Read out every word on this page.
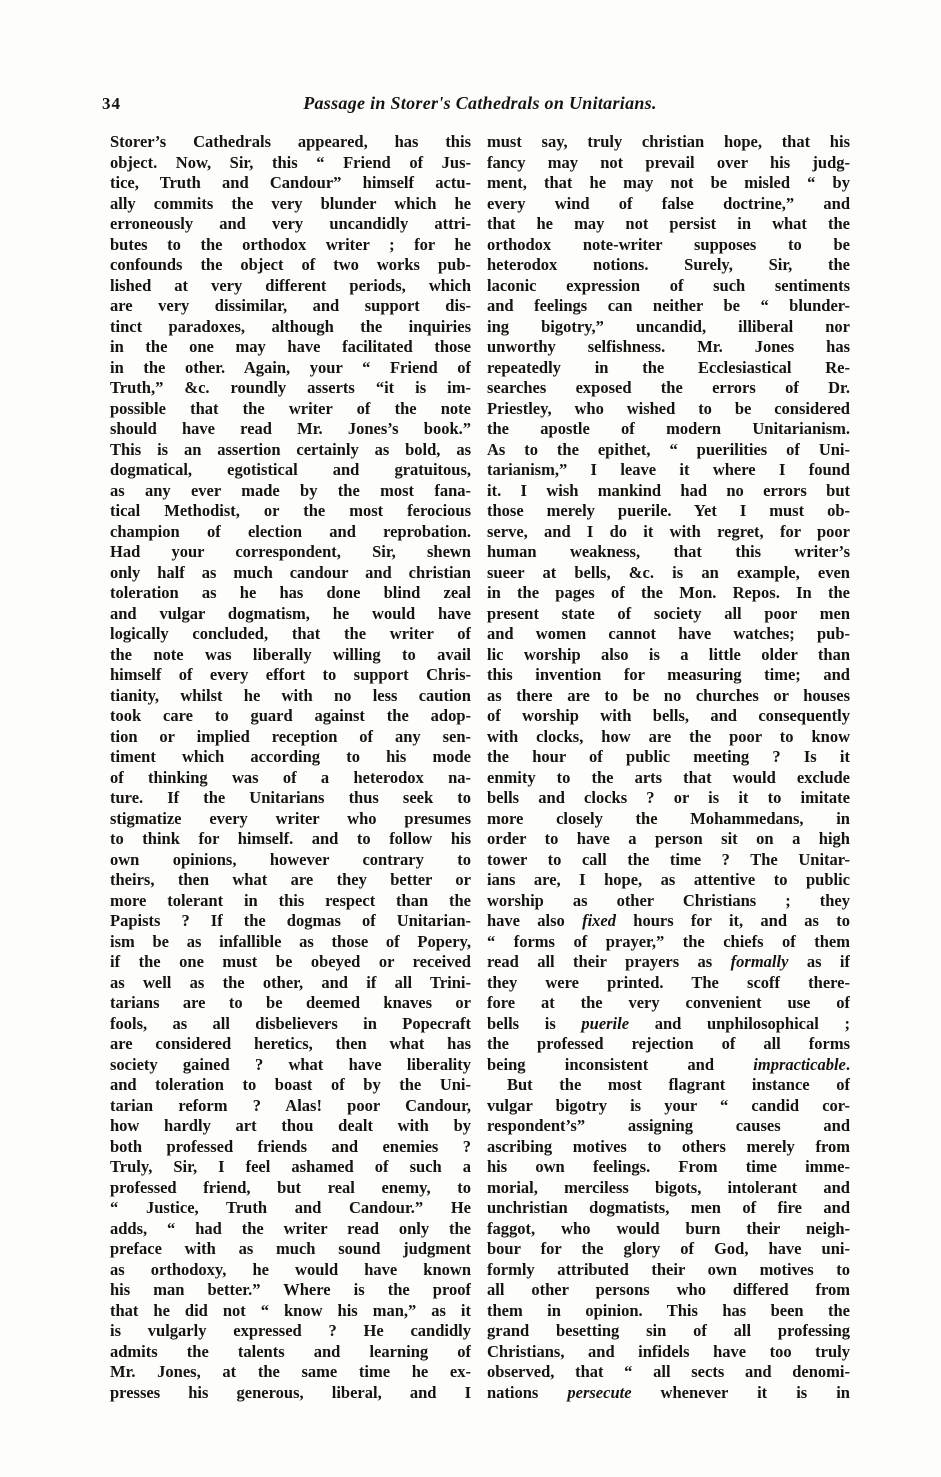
34	Passage in Storer's Cathedrals on Unitarians.
Storer’s Cathedrals appeared, has this
object. Now, Sir, this “ Friend of Jus-
tice, Truth and Candour” himself actu-
ally commits the very blunder which he
erroneously and very uncandidly attri-
butes to the orthodox writer ; for he
confounds the object of two works pub-
lished at very different periods, which
are very dissimilar, and support dis-
tinct paradoxes, although the inquiries
in the one may have facilitated those
in the other. Again, your “ Friend of
Truth,” &c. roundly asserts “it is im-
possible that the writer of the note
should have read Mr. Jones’s book.”
This is an assertion certainly as bold, as
dogmatical, egotistical and gratuitous,
as any ever made by the most fana-
tical Methodist, or the most ferocious
champion of election and reprobation.
Had your correspondent, Sir, shewn
only half as much candour and christian
toleration as he has done blind zeal
and vulgar dogmatism, he would have
logically concluded, that the writer of
the note was liberally willing to avail
himself of every effort to support Chris-
tianity, whilst he with no less caution
took care to guard against the adop-
tion or implied reception of any sen-
timent which according to his mode
of thinking was of a heterodox na-
ture. If the Unitarians thus seek to
stigmatize every writer who presumes
to think for himself. and to follow his
own opinions, however contrary to
theirs, then what are they better or
more tolerant in this respect than the
Papists ? If the dogmas of Unitarian-
ism be as infallible as those of Popery,
if the one must be obeyed or received
as well as the other, and if all Trini-
tarians are to be deemed knaves or
fools, as all disbelievers in Popecraft
are considered heretics, then what has
society gained ? what have liberality
and toleration to boast of by the Uni-
tarian reform ? Alas! poor Candour,
how hardly art thou dealt with by
both professed friends and enemies ?
Truly, Sir, I feel ashamed of such a
professed friend, but real enemy, to
“ Justice, Truth and Candour.” He
adds, “ had the writer read only the
preface with as much sound judgment
as orthodoxy, he would have known
his man better.” Where is the proof
that he did not “ know his man,” as it
is vulgarly expressed ? He candidly
admits the talents and learning of
Mr. Jones, at the same time he ex-
presses his generous, liberal, and I
must say, truly christian hope, that his
fancy may not prevail over his judg-
ment, that he may not be misled “ by
every wind of false doctrine,” and
that he may not persist in what the
orthodox note-writer supposes to be
heterodox notions. Surely, Sir, the
laconic expression of such sentiments
and feelings can neither be “ blunder-
ing bigotry,” uncandid, illiberal nor
unworthy selfishness. Mr. Jones has
repeatedly in the Ecclesiastical Re-
searches exposed the errors of Dr.
Priestley, who wished to be considered
the apostle of modern Unitarianism.
As to the epithet, “ puerilities of Uni-
tarianism,” I leave it where I found
it. I wish mankind had no errors but
those merely puerile. Yet I must ob-
serve, and I do it with regret, for poor
human weakness, that this writer’s
sueer at bells, &c. is an example, even
in the pages of the Mon. Repos. In the
present state of society all poor men
and women cannot have watches; pub-
lic worship also is a little older than
this invention for measuring time; and
as there are to be no churches or houses
of worship with bells, and consequently
with clocks, how are the poor to know
the hour of public meeting ? Is it
enmity to the arts that would exclude
bells and clocks ? or is it to imitate
more closely the Mohammedans, in
order to have a person sit on a high
tower to call the time ? The Unitar-
ians are, I hope, as attentive to public
worship as other Christians ; they
have also fixed hours for it, and as to
“ forms of prayer,” the chiefs of them
read all their prayers as formally as if
they were printed. The scoff there-
fore at the very convenient use of
bells is puerile and unphilosophical ;
the professed rejection of all forms
being inconsistent and impracticable.
But the most flagrant instance of
vulgar bigotry is your “ candid cor-
respondent’s” assigning causes and
ascribing motives to others merely from
his own feelings. From time imme-
morial, merciless bigots, intolerant and
unchristian dogmatists, men of fire and
faggot, who would burn their neigh-
bour for the glory of God, have uni-
formly attributed their own motives to
all other persons who differed from
them in opinion. This has been the
grand besetting sin of all professing
Christians, and infidels have too truly
observed, that “ all sects and denomi-
nations persecute whenever it is in
